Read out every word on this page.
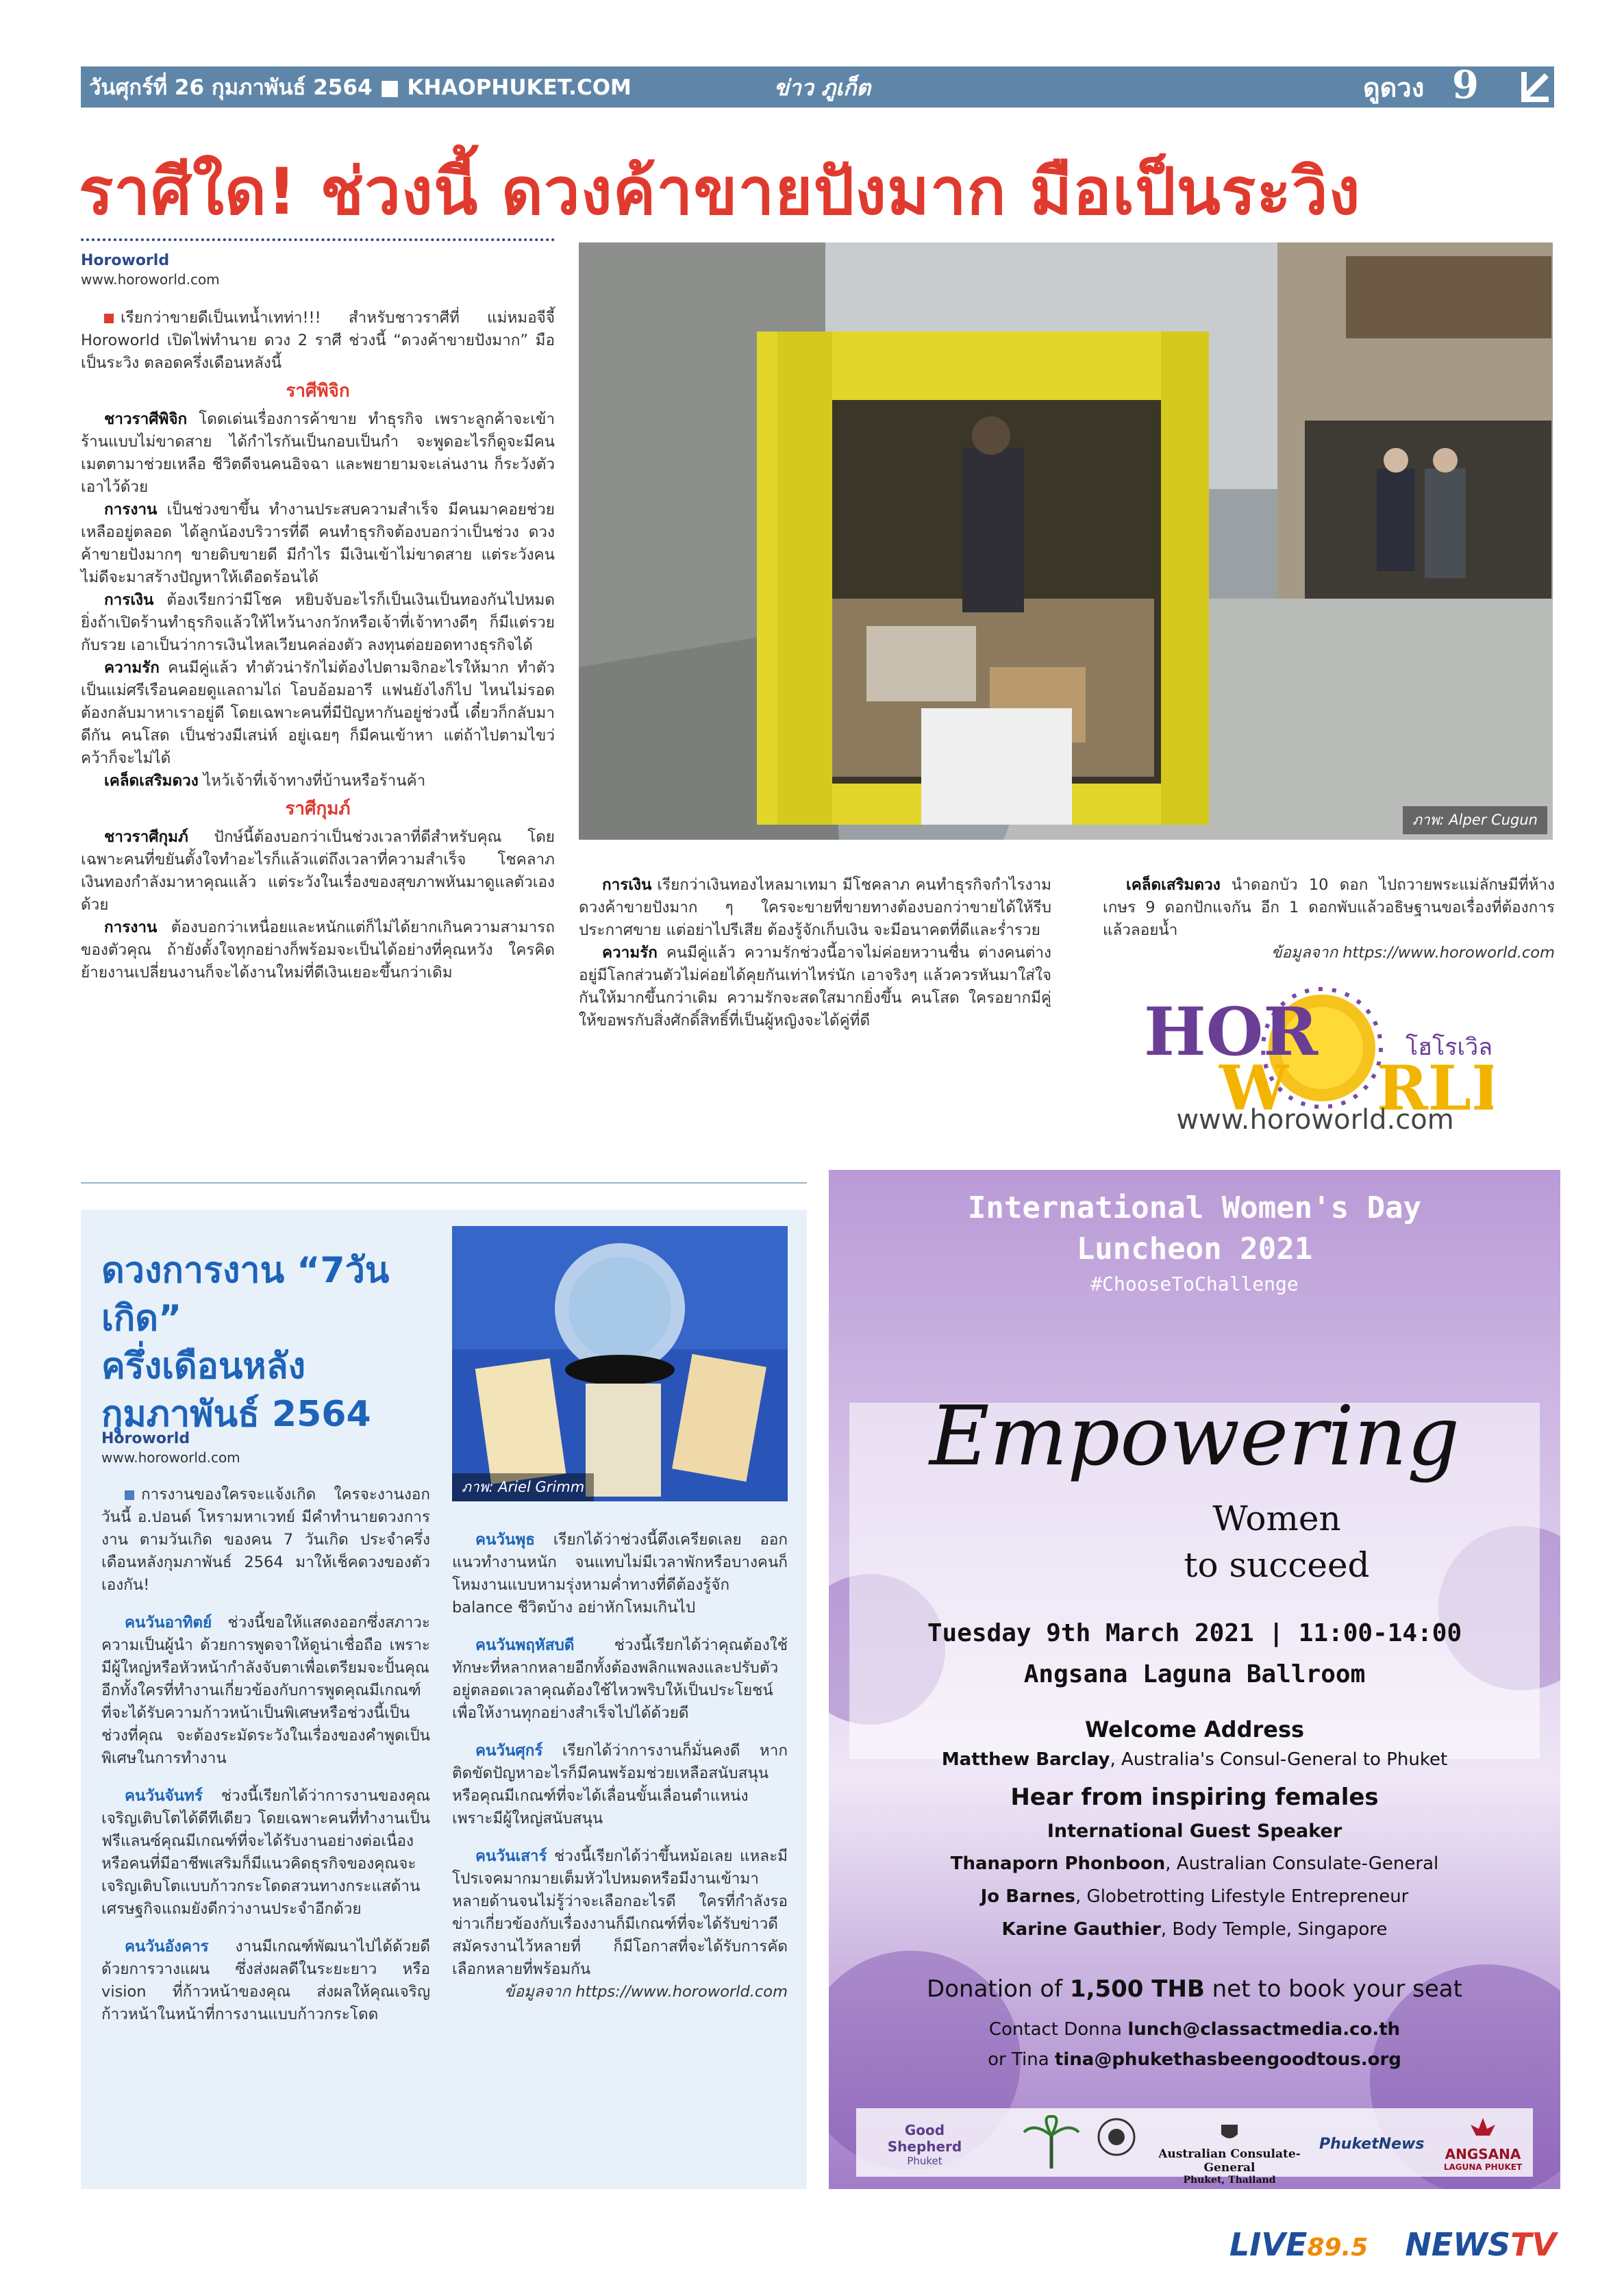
วันศุกร์ที่ 26 กุมภาพันธ์ 2564 ■ KHAOPHUKET.COM	ข่าว ภูเก็ต	ดูดวง 9
ราศีใด! ช่วงนี้ ดวงค้าขายปังมาก มือเป็นระวิง
Horoworld
www.horoworld.com

เรียกว่าขายดีเป็นเทน้ำเทท่า!!! สำหรับชาวราศีที่ แม่หมอจีจี้ Horoworld เปิดไพ่ทำนาย ดวง 2 ราศี ช่วงนี้ “ดวงค้าขายปังมาก” มือเป็นระวิง ตลอดครึ่งเดือนหลังนี้

ราศีพิจิก

ชาวราศีพิจิก โดดเด่นเรื่องการค้าขาย ทำธุรกิจ เพราะลูกค้าจะเข้าร้านแบบไม่ขาดสาย ได้กำไรกันเป็นกอบเป็นกำ จะพูดอะไรก็ดูจะมีคนเมตตามาช่วยเหลือ ชีวิตดีจนคนอิจฉา และพยายามจะเล่นงาน ก็ระวังตัวเอาไว้ด้วย

การงาน เป็นช่วงขาขึ้น ทำงานประสบความสำเร็จ มีคนมาคอยช่วยเหลืออยู่ตลอด ได้ลูกน้องบริวารที่ดี คนทำธุรกิจต้องบอกว่าเป็นช่วง ดวงค้าขายปังมากๆ ขายดิบขายดี มีกำไร มีเงินเข้าไม่ขาดสาย แต่ระวังคนไม่ดีจะมาสร้างปัญหาให้เดือดร้อนได้

การเงิน ต้องเรียกว่ามีโชค หยิบจับอะไรก็เป็นเงินเป็นทองกันไปหมด ยิ่งถ้าเปิดร้านทำธุรกิจแล้วให้ไหว้นางกวักหรือเจ้าที่เจ้าทางดีๆ ก็มีแต่รวยกับรวย เอาเป็นว่าการเงินไหลเวียนคล่องตัว ลงทุนต่อยอดทางธุรกิจได้

ความรัก คนมีคู่แล้ว ทำตัวน่ารักไม่ต้องไปตามจิกอะไรให้มาก ทำตัวเป็นแม่ศรีเรือนคอยดูแลถามไถ่ โอบอ้อมอารี แฟนยังไงก็ไป ไหนไม่รอดต้องกลับมาหาเราอยู่ดี โดยเฉพาะคนที่มีปัญหากันอยู่ช่วงนี้ เดี๋ยวก็กลับมาดีกัน คนโสด เป็นช่วงมีเสน่ห์ อยู่เฉยๆ ก็มีคนเข้าหา แต่ถ้าไปตามไขว่คว้าก็จะไม่ได้

เคล็ดเสริมดวง ไหว้เจ้าที่เจ้าทางที่บ้านหรือร้านค้า

ราศีกุมภ์

ชาวราศีกุมภ์ ปักษ์นี้ต้องบอกว่าเป็นช่วงเวลาที่ดีสำหรับคุณ โดยเฉพาะคนที่ขยันตั้งใจทำอะไรก็แล้วแต่ถึงเวลาที่ความสำเร็จ โชคลาภ เงินทองกำลังมาหาคุณแล้ว แต่ระวังในเรื่องของสุขภาพหันมาดูแลตัวเองด้วย

การงาน ต้องบอกว่าเหนื่อยและหนักแต่ก็ไม่ได้ยากเกินความสามารถของตัวคุณ ถ้ายังตั้งใจทุกอย่างก็พร้อมจะเป็นได้อย่างที่คุณหวัง ใครคิดย้ายงานเปลี่ยนงานก็จะได้งานใหม่ที่ดีเงินเยอะขึ้นกว่าเดิม

ภาพ: Alper Cugun

การเงิน เรียกว่าเงินทองไหลมาเทมา มีโชคลาภ คนทำธุรกิจกำไรงาม ดวงค้าขายปังมาก ๆ ใครจะขายที่ขายทางต้องบอกว่าขายได้ให้รีบประกาศขาย แต่อย่าไปรีเสีย ต้องรู้จักเก็บเงิน จะมีอนาคตที่ดีและร่ำรวย

ความรัก คนมีคู่แล้ว ความรักช่วงนี้อาจไม่ค่อยหวานชื่น ต่างคนต่างอยู่มีโลกส่วนตัวไม่ค่อยได้คุยกันเท่าไหร่นัก เอาจริงๆ แล้วควรหันมาใส่ใจกันให้มากขึ้นกว่าเดิม ความรักจะสดใสมากยิ่งขึ้น คนโสด ใครอยากมีคู่ให้ขอพรกับสิ่งศักดิ์สิทธิ์ที่เป็นผู้หญิงจะได้คู่ที่ดี

เคล็ดเสริมดวง นำดอกบัว 10 ดอก ไปถวายพระแม่ลักษมีที่ห้างเกษร 9 ดอกปักแจกัน อีก 1 ดอกพับแล้วอธิษฐานขอเรื่องที่ต้องการแล้วลอยน้ำ

ข้อมูลจาก https://www.horoworld.com
HOR
W RL
โฮโรเวิล
www.horoworld.com
ดวงการงาน “7วันเกิด”
ครึ่งเดือนหลัง
กุมภาพันธ์ 2564
Horoworld
www.horoworld.com
ภาพ: Ariel Grimm

การงานของใครจะแจ้งเกิด ใครจะงานงอก วันนี้ อ.ปอนด์ โหรามหาเวทย์ มีคำทำนายดวงการงาน ตามวันเกิด ของคน 7 วันเกิด ประจำครึ่งเดือนหลังกุมภาพันธ์ 2564 มาให้เช็คดวงของตัวเองกัน!

คนวันอาทิตย์ ช่วงนี้ขอให้แสดงออกซึ่งสภาวะความเป็นผู้นำ ด้วยการพูดจาให้ดูน่าเชื่อถือ เพราะมีผู้ใหญ่หรือหัวหน้ากำลังจับตาเพื่อเตรียมจะปั้นคุณ อีกทั้งใครที่ทำงานเกี่ยวข้องกับการพูดคุณมีเกณฑ์ที่จะได้รับความก้าวหน้าเป็นพิเศษหรือช่วงนี้เป็นช่วงที่คุณ จะต้องระมัดระวังในเรื่องของคำพูดเป็นพิเศษในการทำงาน

คนวันจันทร์ ช่วงนี้เรียกได้ว่าการงานของคุณเจริญเติบโตได้ดีทีเดียว โดยเฉพาะคนที่ทำงานเป็นฟรีแลนซ์คุณมีเกณฑ์ที่จะได้รับงานอย่างต่อเนื่อง หรือคนที่มีอาชีพเสริมก็มีแนวคิดธุรกิจของคุณจะเจริญเติบโตแบบก้าวกระโดดสวนทางกระแสด้านเศรษฐกิจแถมยังดีกว่างานประจำอีกด้วย

คนวันอังคาร งานมีเกณฑ์พัฒนาไปได้ด้วยดีด้วยการวางแผน ซึ่งส่งผลดีในระยะยาว หรือ vision ที่ก้าวหน้าของคุณ ส่งผลให้คุณเจริญก้าวหน้าในหน้าที่การงานแบบก้าวกระโดด

คนวันพุธ เรียกได้ว่าช่วงนี้ตึงเครียดเลย ออกแนวทำงานหนัก จนแทบไม่มีเวลาพักหรือบางคนก็โหมงานแบบหามรุ่งหามค่ำทางที่ดีต้องรู้จัก balance ชีวิตบ้าง อย่าหักโหมเกินไป

คนวันพฤหัสบดี ช่วงนี้เรียกได้ว่าคุณต้องใช้ทักษะที่หลากหลายอีกทั้งต้องพลิกแพลงและปรับตัวอยู่ตลอดเวลาคุณต้องใช้ไหวพริบให้เป็นประโยชน์เพื่อให้งานทุกอย่างสำเร็จไปได้ด้วยดี

คนวันศุกร์ เรียกได้ว่าการงานก็มั่นคงดี หากติดขัดปัญหาอะไรก็มีคนพร้อมช่วยเหลือสนับสนุนหรือคุณมีเกณฑ์ที่จะได้เลื่อนขั้นเลื่อนตำแหน่งเพราะมีผู้ใหญ่สนับสนุน

คนวันเสาร์ ช่วงนี้เรียกได้ว่าขึ้นหม้อเลย แหละมีโปรเจคมากมายเต็มหัวไปหมดหรือมีงานเข้ามาหลายด้านจนไม่รู้ว่าจะเลือกอะไรดี ใครที่กำลังรอข่าวเกี่ยวข้องกับเรื่องงานก็มีเกณฑ์ที่จะได้รับข่าวดี สมัครงานไว้หลายที่ ก็มีโอกาสที่จะได้รับการคัดเลือกหลายที่พร้อมกัน

ข้อมูลจาก https://www.horoworld.com
International Women's Day
Luncheon 2021
#ChooseToChallenge
Empowering
Women
to succeed
Tuesday 9th March 2021 | 11:00-14:00
Angsana Laguna Ballroom
Welcome Address
Matthew Barclay, Australia's Consul-General to Phuket
Hear from inspiring females
International Guest Speaker
Thanaporn Phonboon, Australian Consulate-General
Jo Barnes, Globetrotting Lifestyle Entrepreneur
Karine Gauthier, Body Temple, Singapore
Donation of 1,500 THB net to book your seat
Contact Donna lunch@classactmedia.co.th
or Tina tina@phukethasbeengoodtous.org
Good Shepherd
Phuket	Australian Consulate-General
Phuket, Thailand
PhuketNews
ANGSANA
LAGUNA PHUKET
LIVE89.5 NEWSTV
